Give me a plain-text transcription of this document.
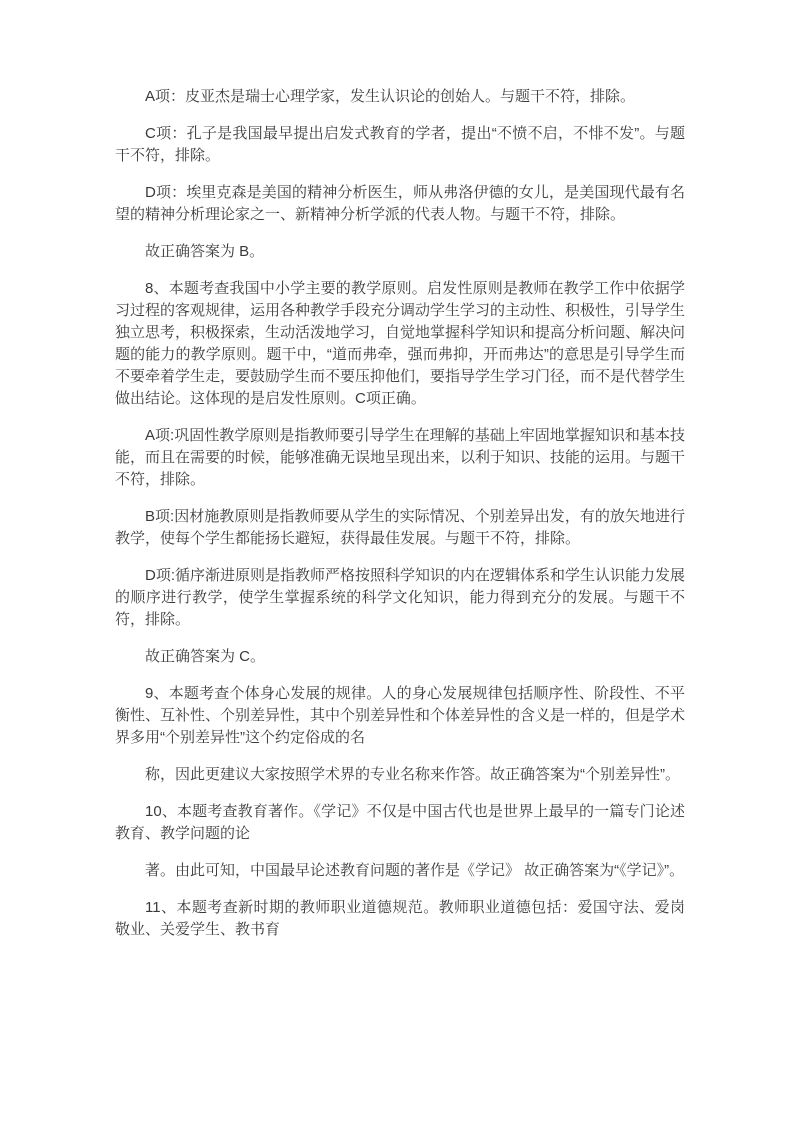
A项：皮亚杰是瑞士心理学家，发生认识论的创始人。与题干不符，排除。

C项：孔子是我国最早提出启发式教育的学者，提出“不愤不启，不悱不发”。与题干不符，排除。

D项：埃里克森是美国的精神分析医生，师从弗洛伊德的女儿，是美国现代最有名望的精神分析理论家之一、新精神分析学派的代表人物。与题干不符，排除。

故正确答案为 B。

8、本题考查我国中小学主要的教学原则。启发性原则是教师在教学工作中依据学习过程的客观规律，运用各种教学手段充分调动学生学习的主动性、积极性，引导学生独立思考，积极探索，生动活泼地学习，自觉地掌握科学知识和提高分析问题、解决问题的能力的教学原则。题干中，“道而弗牵，强而弗抑，开而弗达”的意思是引导学生而不要牵着学生走，要鼓励学生而不要压抑他们，要指导学生学习门径，而不是代替学生做出结论。这体现的是启发性原则。C项正确。

A项:巩固性教学原则是指教师要引导学生在理解的基础上牢固地掌握知识和基本技能，而且在需要的时候，能够准确无误地呈现出来，以利于知识、技能的运用。与题干不符，排除。

B项:因材施教原则是指教师要从学生的实际情况、个别差异出发，有的放矢地进行教学，使每个学生都能扬长避短，获得最佳发展。与题干不符，排除。

D项:循序渐进原则是指教师严格按照科学知识的内在逻辑体系和学生认识能力发展的顺序进行教学，使学生掌握系统的科学文化知识，能力得到充分的发展。与题干不符，排除。

故正确答案为 C。

9、本题考查个体身心发展的规律。人的身心发展规律包括顺序性、阶段性、不平衡性、互补性、个别差异性，其中个别差异性和个体差异性的含义是一样的，但是学术界多用“个别差异性”这个约定俗成的名

称，因此更建议大家按照学术界的专业名称来作答。故正确答案为“个别差异性”。

10、本题考查教育著作。《学记》不仅是中国古代也是世界上最早的一篇专门论述教育、教学问题的论

著。由此可知，中国最早论述教育问题的著作是《学记》 故正确答案为“《学记》”。

11、本题考查新时期的教师职业道德规范。教师职业道德包括：爱国守法、爱岗敬业、关爱学生、教书育
